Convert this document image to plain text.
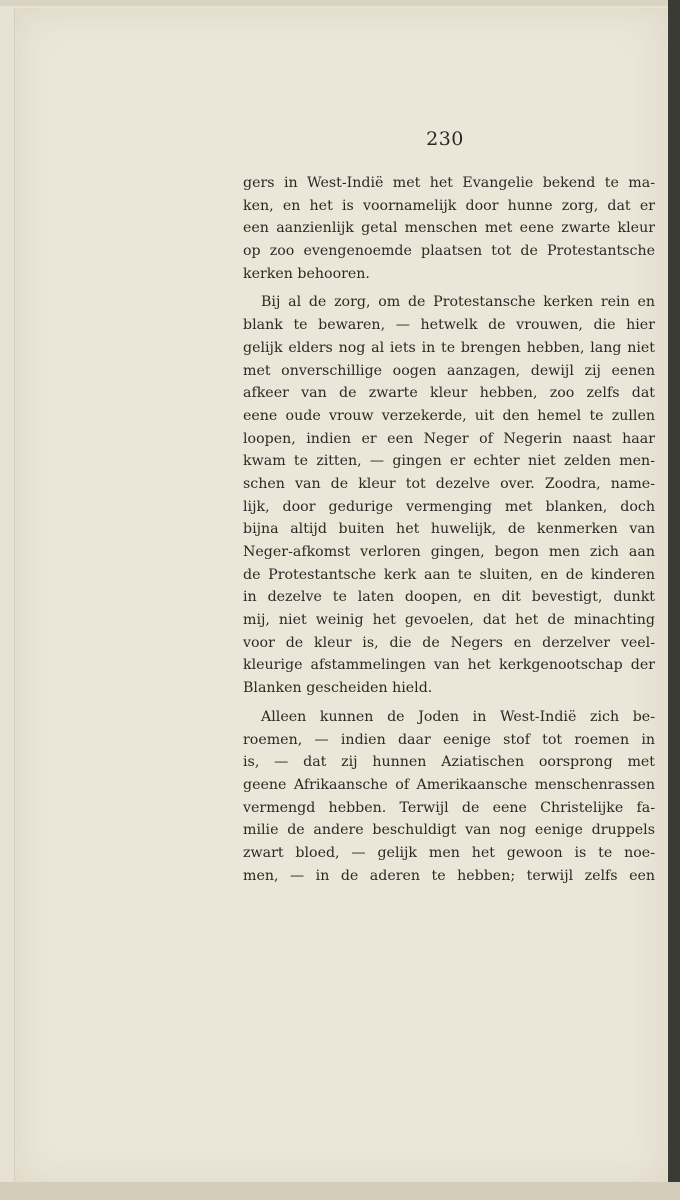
230
gers in West-Indië met het Evangelie bekend te ma-
ken, en het is voornamelijk door hunne zorg, dat er
een aanzienlijk getal menschen met eene zwarte kleur
op zoo evengenoemde plaatsen tot de Protestantsche
kerken behooren.
Bij al de zorg, om de Protestansche kerken rein en
blank te bewaren, — hetwelk de vrouwen, die hier
gelijk elders nog al iets in te brengen hebben, lang niet
met onverschillige oogen aanzagen, dewijl zij eenen
afkeer van de zwarte kleur hebben, zoo zelfs dat
eene oude vrouw verzekerde, uit den hemel te zullen
loopen, indien er een Neger of Negerin naast haar
kwam te zitten, — gingen er echter niet zelden men-
schen van de kleur tot dezelve over. Zoodra, name-
lijk, door gedurige vermenging met blanken, doch
bijna altijd buiten het huwelijk, de kenmerken van
Neger-afkomst verloren gingen, begon men zich aan
de Protestantsche kerk aan te sluiten, en de kinderen
in dezelve te laten doopen, en dit bevestigt, dunkt
mij, niet weinig het gevoelen, dat het de minachting
voor de kleur is, die de Negers en derzelver veel-
kleurige afstammelingen van het kerkgenootschap der
Blanken gescheiden hield.
Alleen kunnen de Joden in West-Indië zich be-
roemen, — indien daar eenige stof tot roemen in
is, — dat zij hunnen Aziatischen oorsprong met
geene Afrikaansche of Amerikaansche menschenrassen
vermengd hebben. Terwijl de eene Christelijke fa-
milie de andere beschuldigt van nog eenige druppels
zwart bloed, — gelijk men het gewoon is te noe-
men, — in de aderen te hebben; terwijl zelfs een
